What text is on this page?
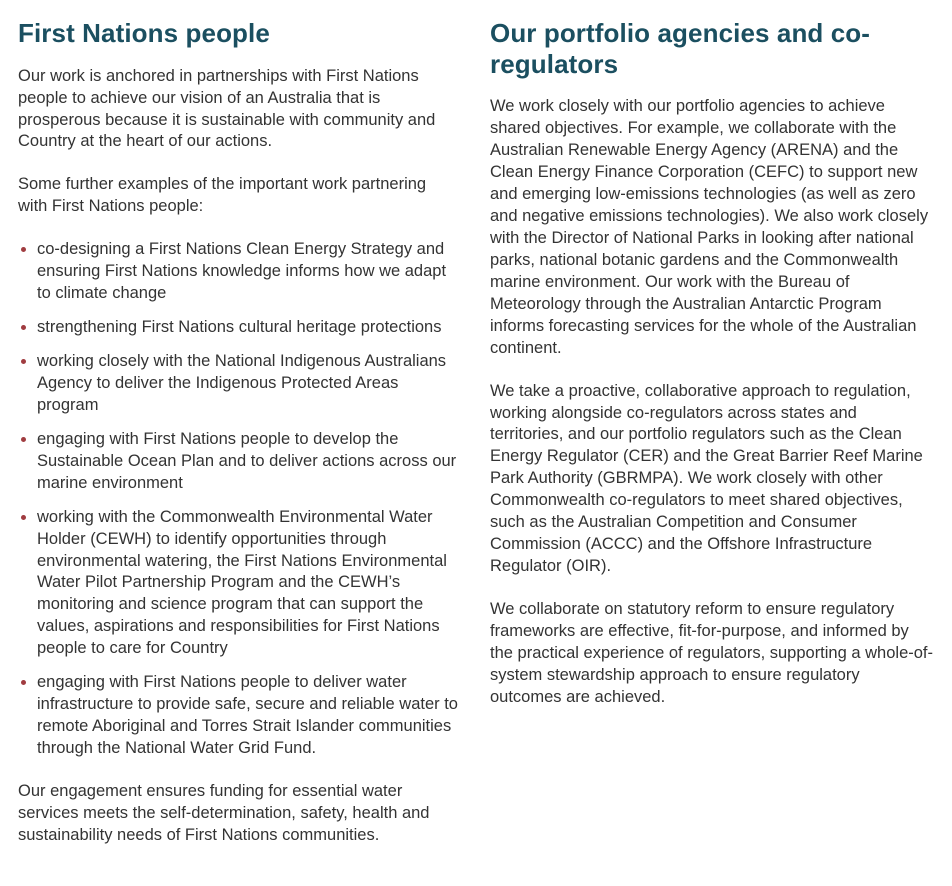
First Nations people

Our work is anchored in partnerships with First Nations people to achieve our vision of an Australia that is prosperous because it is sustainable with community and Country at the heart of our actions.

Some further examples of the important work partnering with First Nations people:

co-designing a First Nations Clean Energy Strategy and ensuring First Nations knowledge informs how we adapt to climate change
strengthening First Nations cultural heritage protections
working closely with the National Indigenous Australians Agency to deliver the Indigenous Protected Areas program
engaging with First Nations people to develop the Sustainable Ocean Plan and to deliver actions across our marine environment
working with the Commonwealth Environmental Water Holder (CEWH) to identify opportunities through environmental watering, the First Nations Environmental Water Pilot Partnership Program and the CEWH’s monitoring and science program that can support the values, aspirations and responsibilities for First Nations people to care for Country
engaging with First Nations people to deliver water infrastructure to provide safe, secure and reliable water to remote Aboriginal and Torres Strait Islander communities through the National Water Grid Fund.

Our engagement ensures funding for essential water services meets the self-determination, safety, health and sustainability needs of First Nations communities.

Our portfolio agencies and co-regulators

We work closely with our portfolio agencies to achieve shared objectives. For example, we collaborate with the Australian Renewable Energy Agency (ARENA) and the Clean Energy Finance Corporation (CEFC) to support new and emerging low-emissions technologies (as well as zero and negative emissions technologies). We also work closely with the Director of National Parks in looking after national parks, national botanic gardens and the Commonwealth marine environment. Our work with the Bureau of Meteorology through the Australian Antarctic Program informs forecasting services for the whole of the Australian continent.

We take a proactive, collaborative approach to regulation, working alongside co-regulators across states and territories, and our portfolio regulators such as the Clean Energy Regulator (CER) and the Great Barrier Reef Marine Park Authority (GBRMPA). We work closely with other Commonwealth co-regulators to meet shared objectives, such as the Australian Competition and Consumer Commission (ACCC) and the Offshore Infrastructure Regulator (OIR).

We collaborate on statutory reform to ensure regulatory frameworks are effective, fit-for-purpose, and informed by the practical experience of regulators, supporting a whole-of-system stewardship approach to ensure regulatory outcomes are achieved.
